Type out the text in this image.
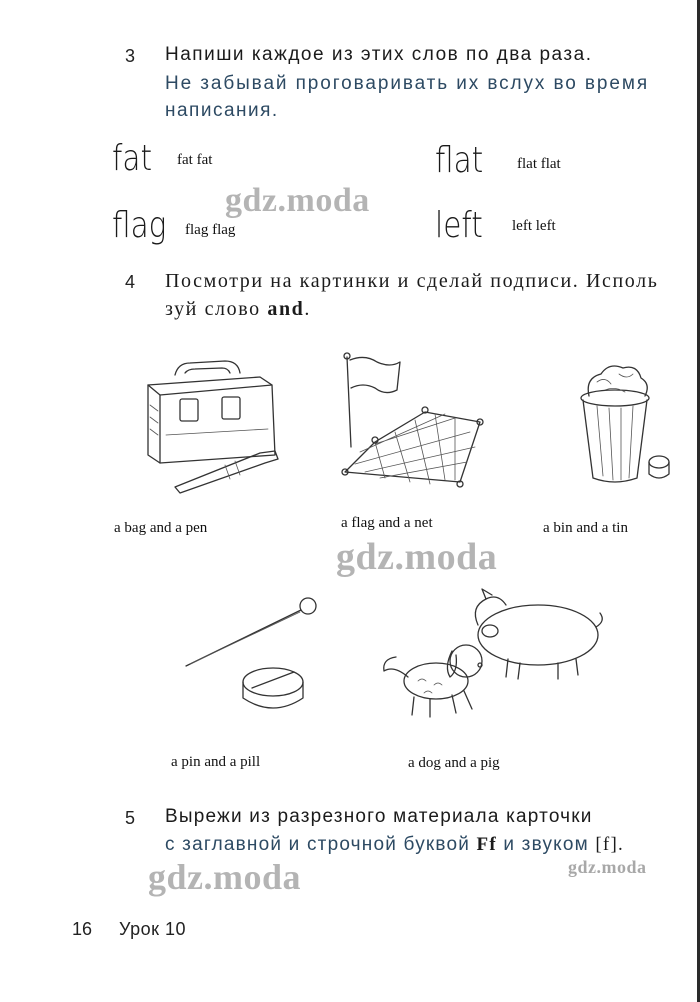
3 Напиши каждое из этих слов по два раза.
Не забывай проговаривать их вслух во время
написания.
fat fat fat	flat flat flat
flag flag flag	left left left
gdz.moda
4 Посмотри на картинки и сделай подписи. Исполь
зуй слово and.
a bag and a pen	a flag and a net	a bin and a tin
gdz.moda
a pin and a pill	a dog and a pig
5 Вырежи из разрезного материала карточки
с заглавной и строчной буквой Ff и звуком [f].
gdz.moda	gdz.moda
16 Урок 10
